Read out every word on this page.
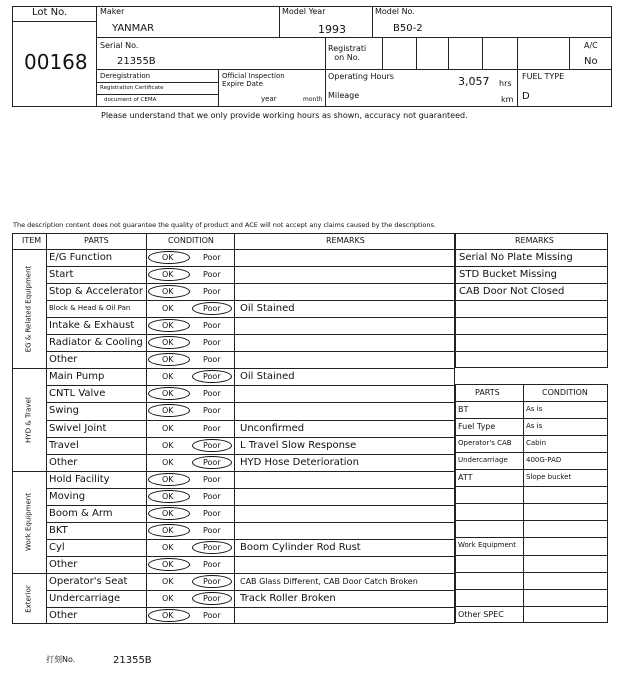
Lot No.
00168
Maker
YANMAR
Model Year
1993
Model No.
B50-2
Serial No.
21355B
Registrati
on No.
A/C
No
Deregistration
Registration Certificate
document of CEMA
Official Inspection
Expire Date
year	month
Operating Hours	3,057 hrs
Mileage	km
FUEL TYPE
D
Please understand that we only provide working hours as shown, accuracy not guaranteed.
The description content does not guarantee the quality of product and ACE will not accept any claims caused by the descriptions.
ITEM	PARTS	CONDITION	REMARKS
EG & Related Equipment
E/G Function	OK	Poor
Start	OK	Poor
Stop & Accelerator OK	Poor
Block & Head & Oil Pan	OK	Poor Oil Stained
Intake & Exhaust	OK	Poor
Radiator & Cooling OK	Poor
Other	OK	Poor
HYD & Travel
Main Pump	OK	Poor Oil Stained
CNTL Valve	OK	Poor
Swing	OK	Poor
Swivel Joint	OK	Poor Unconfirmed
Travel	OK	Poor L Travel Slow Response
Other	OK	Poor HYD Hose Deterioration
Work Equipment
Hold Facility	OK	Poor
Moving	OK	Poor
Boom & Arm	OK	Poor
BKT	OK	Poor
Cyl	OK	Poor Boom Cylinder Rod Rust
Other	OK	Poor
Exterior
Operator's Seat	OK	Poor CAB Glass Different, CAB Door Catch Broken
Undercarriage	OK	Poor Track Roller Broken
Other	OK	Poor
REMARKS
Serial No Plate Missing
STD Bucket Missing
CAB Door Not Closed
PARTS	CONDITION
BT	As is
Fuel Type	As is
Operator's CAB Cabin
Undercarriage	400G-PAD
ATT	Slope bucket
Work Equipment
Other SPEC
打刻No.	21355B
